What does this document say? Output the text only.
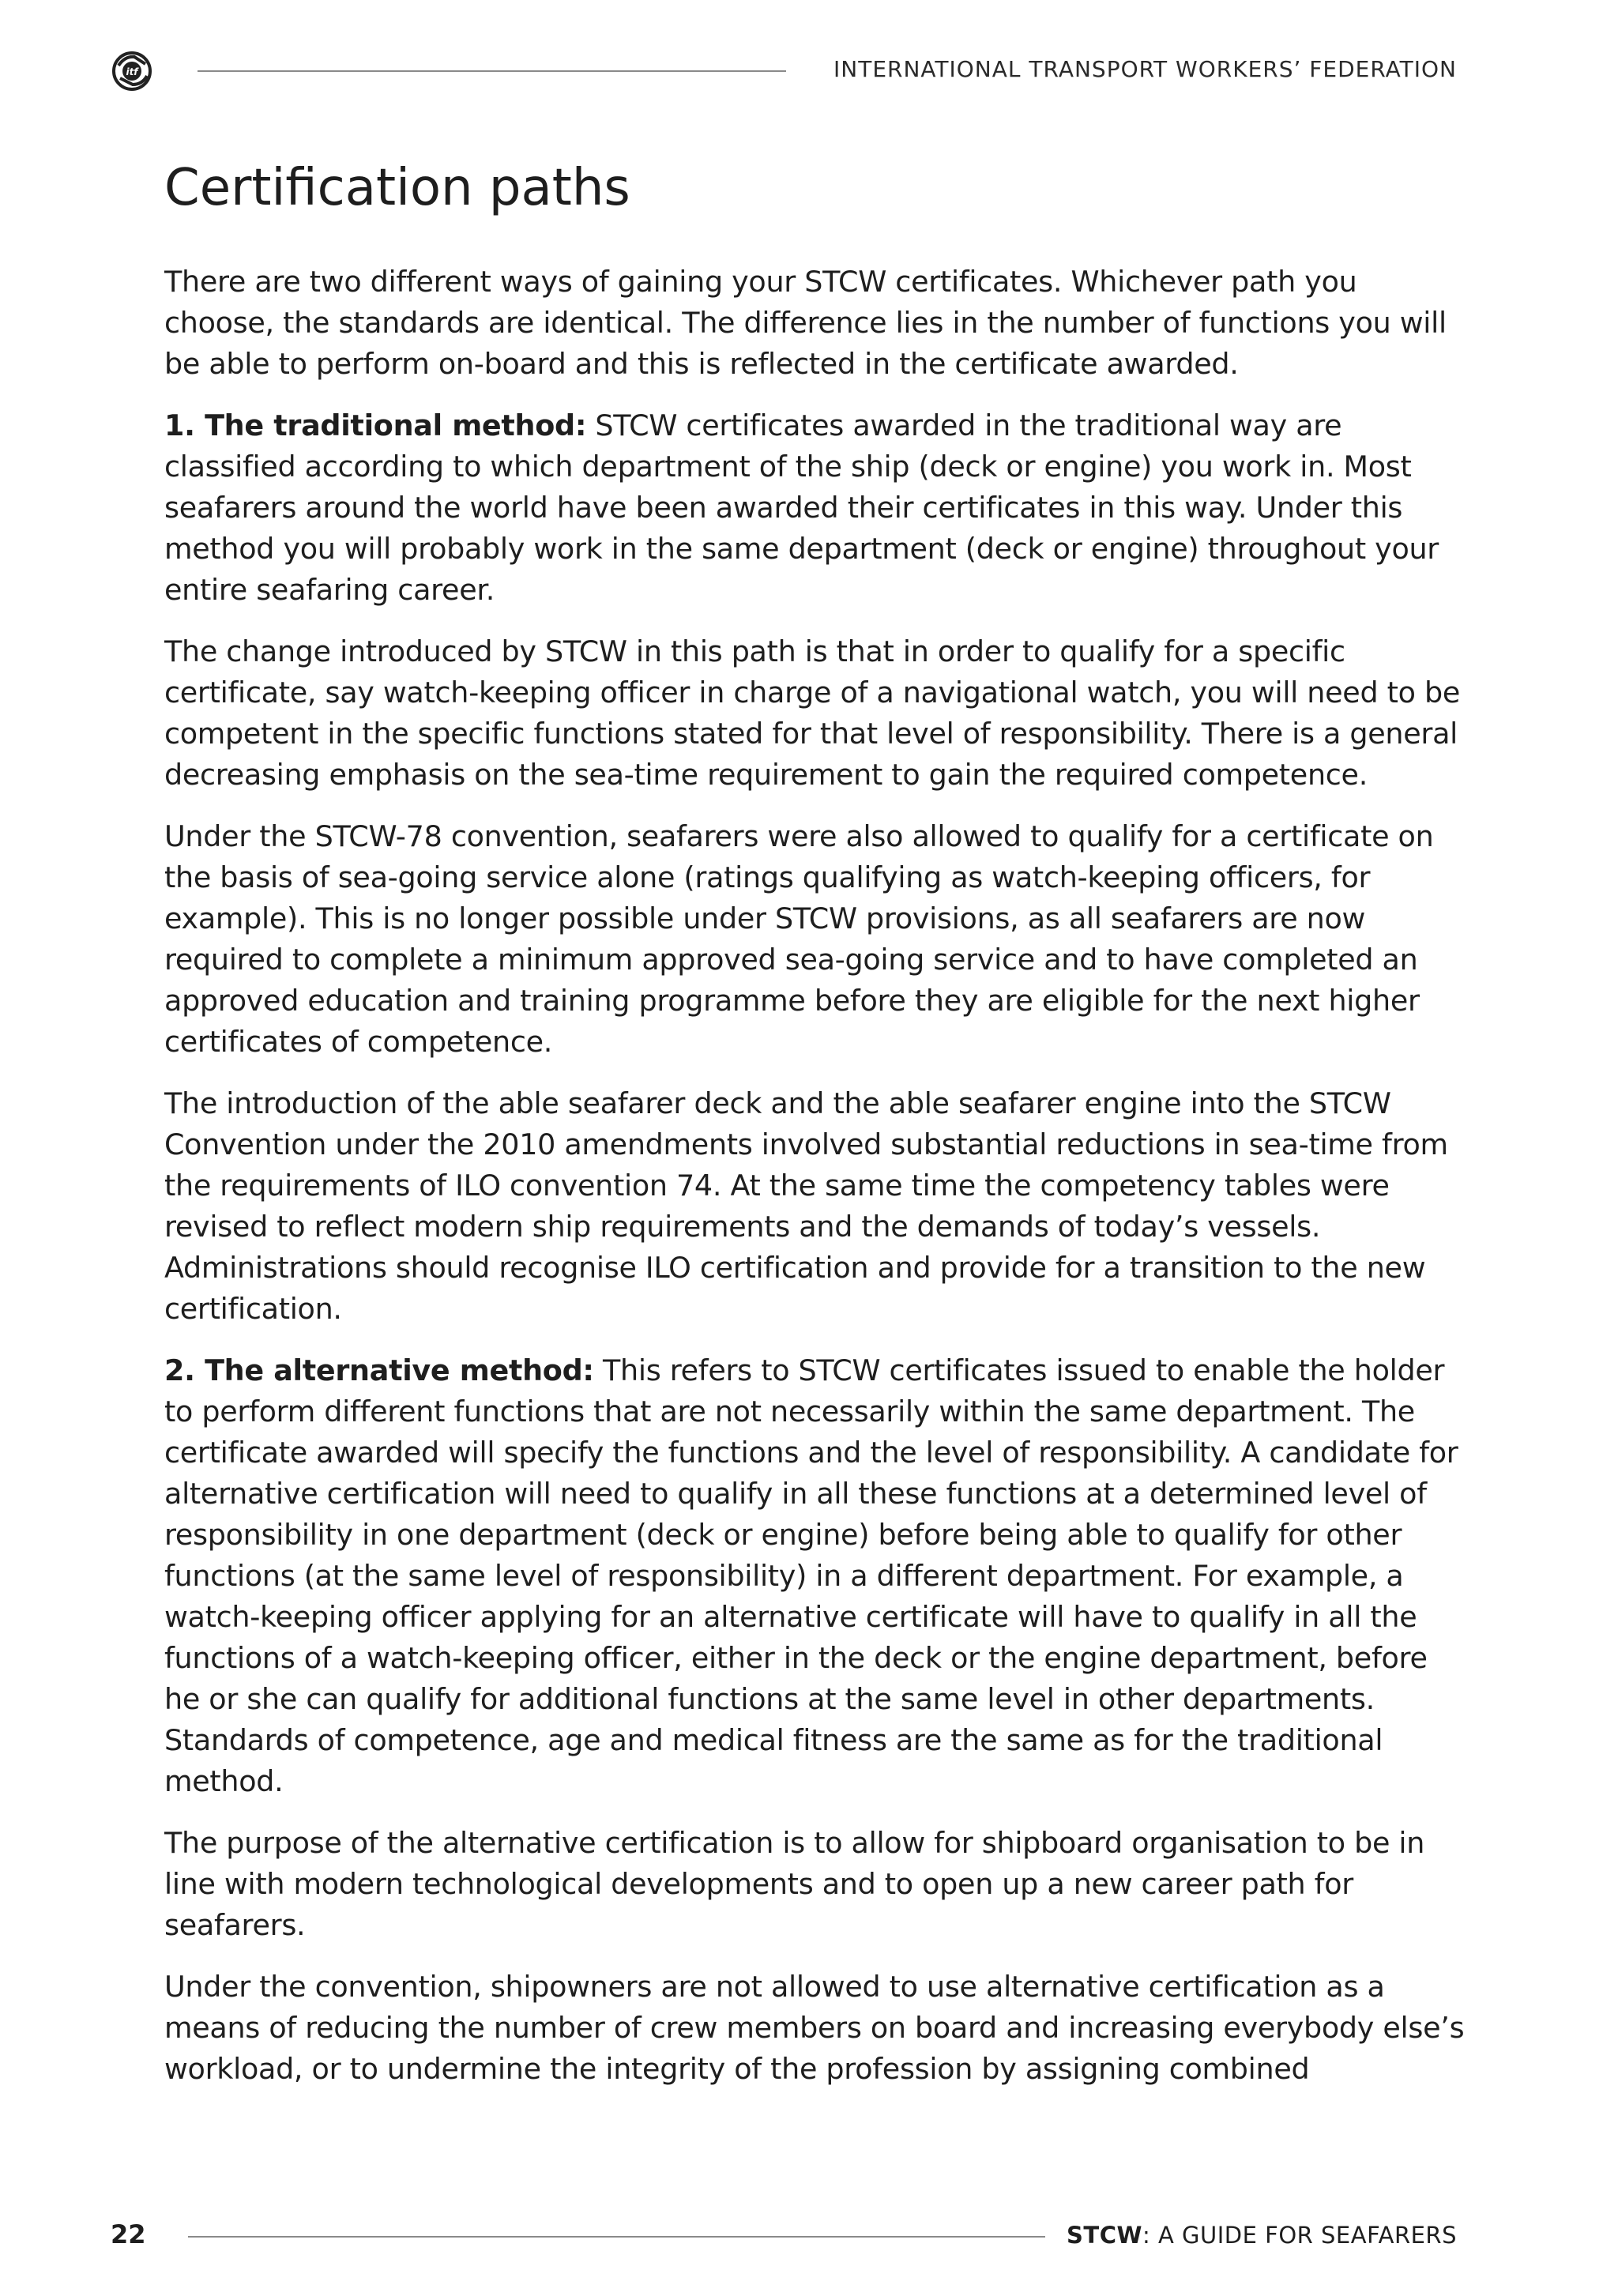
itf	INTERNATIONAL TRANSPORT WORKERS’ FEDERATION
Certification paths

There are two different ways of gaining your STCW certificates. Whichever path you choose, the standards are identical. The difference lies in the number of functions you will be able to perform on-board and this is reflected in the certificate awarded.

1. The traditional method: STCW certificates awarded in the traditional way are classified according to which department of the ship (deck or engine) you work in. Most seafarers around the world have been awarded their certificates in this way. Under this method you will probably work in the same department (deck or engine) throughout your entire seafaring career.

The change introduced by STCW in this path is that in order to qualify for a specific certificate, say watch-keeping officer in charge of a navigational watch, you will need to be competent in the specific functions stated for that level of responsibility. There is a general decreasing emphasis on the sea-time requirement to gain the required competence.

Under the STCW-78 convention, seafarers were also allowed to qualify for a certificate on the basis of sea-going service alone (ratings qualifying as watch-keeping officers, for example). This is no longer possible under STCW provisions, as all seafarers are now required to complete a minimum approved sea-going service and to have completed an approved education and training programme before they are eligible for the next higher certificates of competence.

The introduction of the able seafarer deck and the able seafarer engine into the STCW Convention under the 2010 amendments involved substantial reductions in sea-time from the requirements of ILO convention 74. At the same time the competency tables were revised to reflect modern ship requirements and the demands of today’s vessels. Administrations should recognise ILO certification and provide for a transition to the new certification.

2. The alternative method: This refers to STCW certificates issued to enable the holder to perform different functions that are not necessarily within the same department. The certificate awarded will specify the functions and the level of responsibility. A candidate for alternative certification will need to qualify in all these functions at a determined level of responsibility in one department (deck or engine) before being able to qualify for other functions (at the same level of responsibility) in a different department. For example, a watch-keeping officer applying for an alternative certificate will have to qualify in all the functions of a watch-keeping officer, either in the deck or the engine department, before he or she can qualify for additional functions at the same level in other departments. Standards of competence, age and medical fitness are the same as for the traditional method.

The purpose of the alternative certification is to allow for shipboard organisation to be in line with modern technological developments and to open up a new career path for seafarers.

Under the convention, shipowners are not allowed to use alternative certification as a means of reducing the number of crew members on board and increasing everybody else’s workload, or to undermine the integrity of the profession by assigning combined

22	STCW: A GUIDE FOR SEAFARERS
